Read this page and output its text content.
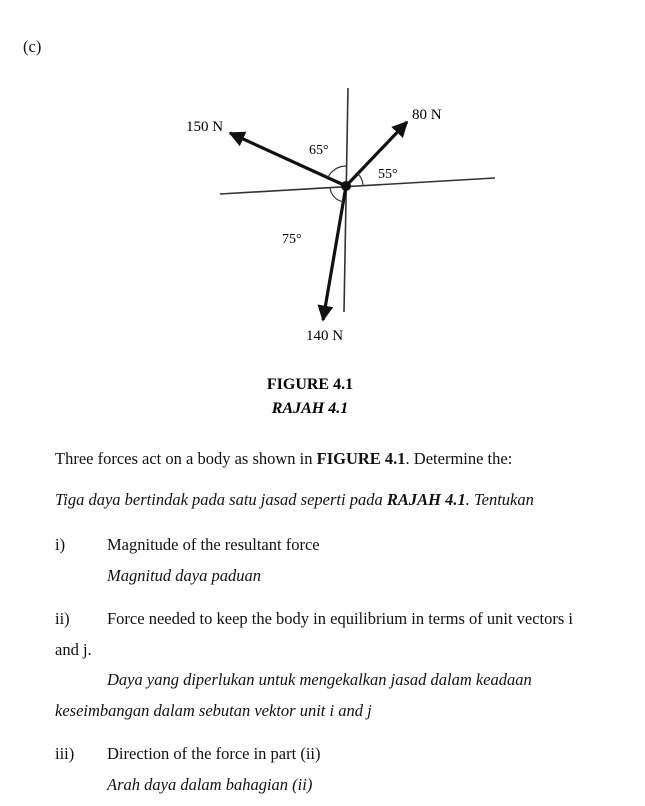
(c)
150 N
80 N
140 N
65°
55°
75°
FIGURE 4.1
RAJAH 4.1
Three forces act on a body as shown in FIGURE 4.1. Determine the:
Tiga daya bertindak pada satu jasad seperti pada RAJAH 4.1. Tentukan
i)	Magnitude of the resultant force
Magnitud daya paduan
ii) Force needed to keep the body in equilibrium in terms of unit vectors i
and j.
Daya yang diperlukan untuk mengekalkan jasad dalam keadaan
keseimbangan dalam sebutan vektor unit i and j
iii) Direction of the force in part (ii)
Arah daya dalam bahagian (ii)
